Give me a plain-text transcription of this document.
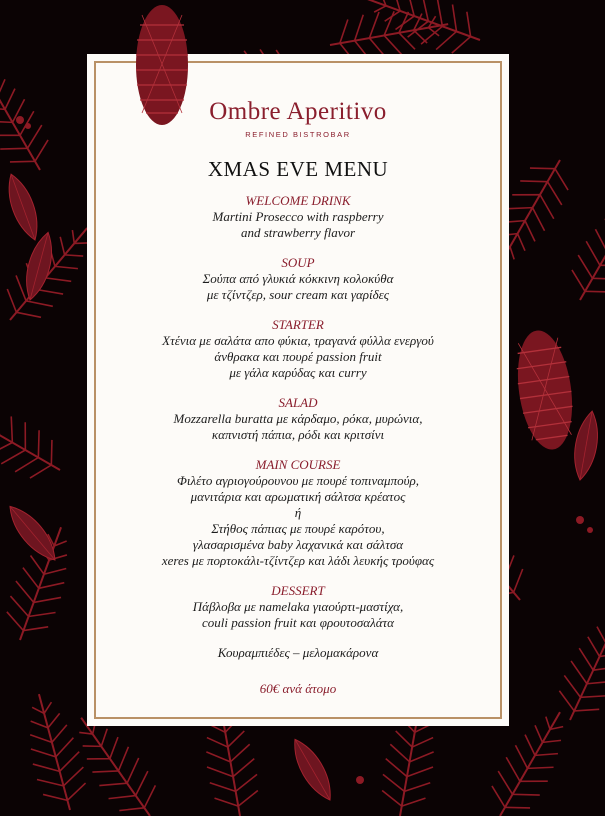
Ombre Aperitivo
REFINED BISTROBAR
XMAS EVE MENU
WELCOME DRINK
Martini Prosecco with raspberry
and strawberry flavor
SOUP
Σούπα από γλυκιά κόκκινη κολοκύθα
με τζίντζερ, sour cream και γαρίδες
STARTER
Χτένια με σαλάτα απο φύκια, τραγανά φύλλα ενεργού
άνθρακα και πουρέ passion fruit
με γάλα καρύδας και curry
SALAD
Mozzarella buratta με κάρδαμο, ρόκα, μυρώνια,
καπνιστή πάπια, ρόδι και κριτσίνι
MAIN COURSE
Φιλέτο αγριογούρουνου με πουρέ τοπιναμπούρ,
μανιτάρια και αρωματική σάλτσα κρέατος
ή
Στήθος πάπιας με πουρέ καρότου,
γλασαρισμένα baby λαχανικά και σάλτσα
xeres με πορτοκάλι-τζίντζερ και λάδι λευκής τρούφας
DESSERT
Πάβλοβα με namelaka γιαούρτι-μαστίχα,
couli passion fruit και φρουτοσαλάτα
Κουραμπιέδες – μελομακάρονα
60€ ανά άτομο
